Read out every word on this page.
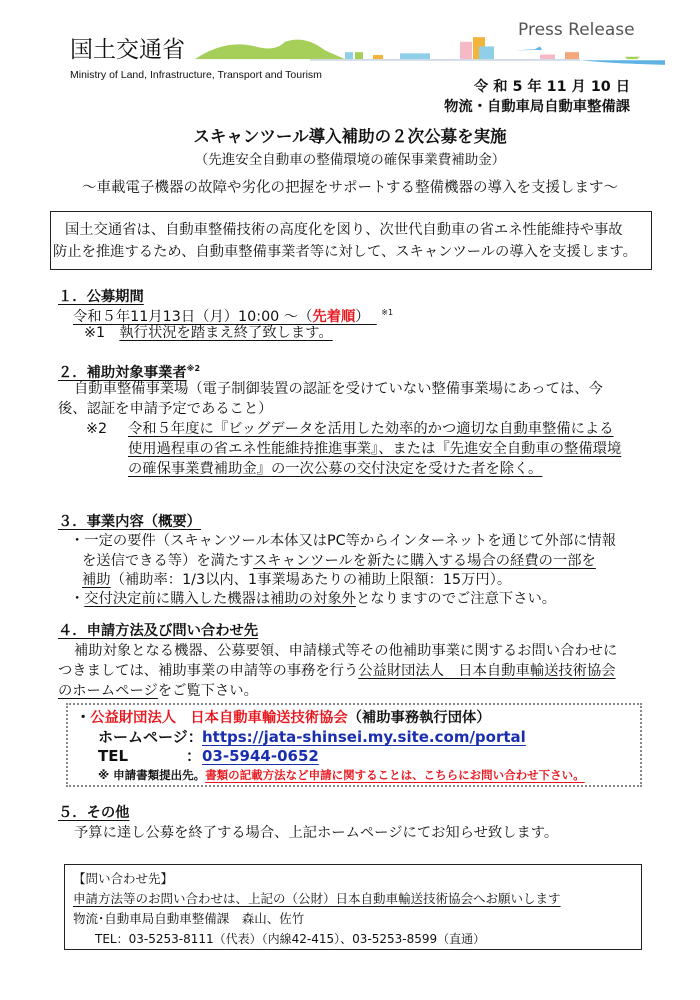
国土交通省
Ministry of Land, Infrastructure, Transport and Tourism
Press Release
令 和 5 年 11 月 10 日
物流・自動車局自動車整備課
スキャンツール導入補助の２次公募を実施
（先進安全自動車の整備環境の確保事業費補助金）
～車載電子機器の故障や劣化の把握をサポートする整備機器の導入を支援します～
国土交通省は、自動車整備技術の高度化を図り、次世代自動車の省エネ性能維持や事故
防止を推進するため、自動車整備事業者等に対して、スキャンツールの導入を支援します。
１．公募期間
令和５年11月13日（月）10:00 ～（先着順）　 $^{※1}$
※1　 執行状況を踏まえ終了致します。
２．補助対象事業者$^{※2}$
自動車整備事業場（電子制御装置の認証を受けていない整備事業場にあっては、今
後、認証を申請予定であること）
※2 令和５年度に『ビッグデータを活用した効率的かつ適切な自動車整備による
使用過程車の省エネ性能維持推進事業』、または『先進安全自動車の整備環境
の確保事業費補助金』の一次公募の交付決定を受けた者を除く。
３．事業内容（概要）
・一定の要件（スキャンツール本体又はPC等からインターネットを通じて外部に情報
を送信できる等）を満たすスキャンツールを新たに購入する場合の経費の一部を
補助（補助率：1/3以内、1事業場あたりの補助上限額：15万円）。
・交付決定前に購入した機器は補助の対象外となりますのでご注意下さい。
４．申請方法及び問い合わせ先
補助対象となる機器、公募要領、申請様式等その他補助事業に関するお問い合わせに
つきましては、補助事業の申請等の事務を行う公益財団法人　日本自動車輸送技術協会
のホームページをご覧下さい。
・公益財団法人　日本自動車輸送技術協会（補助事務執行団体）
ホームページ： https://jata-shinsei.my.site.com/portal
TEL	： 03-5944-0652
※ 申請書類提出先。書類の記載方法など申請に関することは、こちらにお問い合わせ下さい。
５．その他
予算に達し公募を終了する場合、上記ホームページにてお知らせ致します。
【問い合わせ先】
申請方法等のお問い合わせは、上記の（公財）日本自動車輸送技術協会へお願いします
物流･自動車局自動車整備課　森山、佐竹
TEL：03-5253-8111（代表）（内線42-415）、03-5253-8599（直通）
